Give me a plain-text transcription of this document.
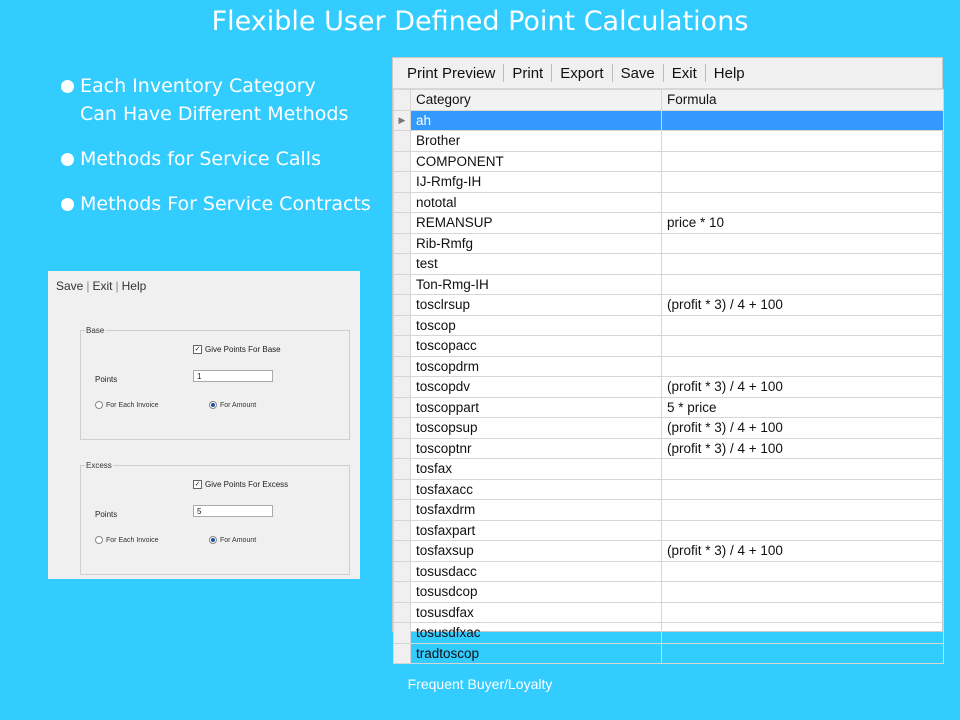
Flexible User Defined Point Calculations
Each Inventory Category
Can Have Different Methods
Methods for Service Calls
Methods For Service Contracts
Save | Exit | Help
Base
✓ Give Points For Base
Points	1
For Each Invoice	For Amount
Excess
✓ Give Points For Excess
Points	5
For Each Invoice	For Amount
Print Preview	Print	Export	Save	Exit	Help
	Category	Formula

▶	ah	
	Brother	
	COMPONENT	
	IJ-Rmfg-IH	
	nototal	
	REMANSUP	price * 10
	Rib-Rmfg	
	test	
	Ton-Rmg-IH	
	tosclrsup	(profit * 3) / 4 + 100
	toscop	
	toscopacc	
	toscopdrm	
	toscopdv	(profit * 3) / 4 + 100
	toscoppart	5 * price
	toscopsup	(profit * 3) / 4 + 100
	toscoptnr	(profit * 3) / 4 + 100
	tosfax	
	tosfaxacc	
	tosfaxdrm	
	tosfaxpart	
	tosfaxsup	(profit * 3) / 4 + 100
	tosusdacc	
	tosusdcop	
	tosusdfax	
	tosusdfxac	
	tradtoscop	
Frequent Buyer/Loyalty
